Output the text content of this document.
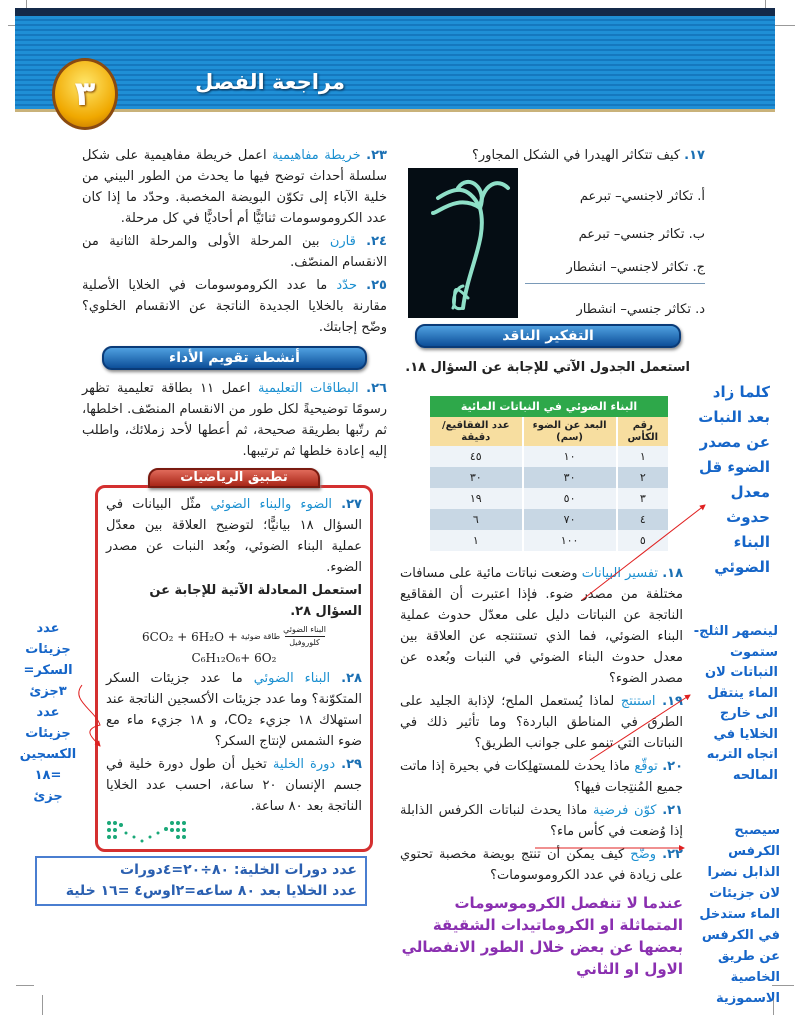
مراجعة الفصل
٣
١٧. كيف تتكاثر الهيدرا في الشكل المجاور؟
أ. تكاثر لاجنسي– تبرعم
ب. تكاثر جنسي– تبرعم
ج. تكاثر لاجنسي– انشطار
د. تكاثر جنسي– انشطار
التفكير الناقد
استعمل الجدول الآتي للإجابة عن السؤال ١٨.
البناء الضوئي في النباتات المائية		
رقم الكأس	البعد عن الضوء (سم)	عدد الفقاقيع/ دقيقة
١	١٠	٤٥
٢	٣٠	٣٠
٣	٥٠	١٩
٤	٧٠	٦
٥	١٠٠	١
١٨. تفسير البيانات وضعت نباتات مائية على مسافات مختلفة من مصدر ضوء. فإذا اعتبرت أن الفقاقيع الناتجة عن النباتات دليل على معدّل حدوث عملية البناء الضوئي، فما الذي تستنتجه عن العلاقة بين معدل حدوث البناء الضوئي في النبات وبُعده عن مصدر الضوء؟
١٩. استنتج لماذا يُستعمل الملح؛ لإذابة الجليد على الطرق في المناطق الباردة؟ وما تأثير ذلك في النباتات التي تنمو على جوانب الطريق؟
٢٠. توقّع ماذا يحدث للمستهلِكات في بحيرة إذا ماتت جميع المُنتِجات فيها؟
٢١. كوّن فرضية ماذا يحدث لنباتات الكرفس الذابلة إذا وُضعت في كأس ماء؟
٢٢. وضّح كيف يمكن أن تنتج بويضة مخصبة تحتوي على زيادة في عدد الكروموسومات؟
عندما لا تنفصل الكروموسومات المتماثلة او الكروماتيدات الشقيقة بعضها عن بعض خلال الطور الانفصالي الاول او الثاني
٢٣. خريطة مفاهيمية اعمل خريطة مفاهيمية على شكل سلسلة أحداث توضح فيها ما يحدث من الطور البيني من خلية الآباء إلى تكوّن البويضة المخصبة. وحدّد ما إذا كان عدد الكروموسومات ثنائيًّا أم أحاديًّا في كل مرحلة.
٢٤. قارن بين المرحلة الأولى والمرحلة الثانية من الانقسام المنصّف.
٢٥. حدّد ما عدد الكروموسومات في الخلايا الأصلية مقارنة بالخلايا الجديدة الناتجة عن الانقسام الخلوي؟ وضّح إجابتك.
أنشطة تقويم الأداء
٢٦. البطاقات التعليمية اعمل ١١ بطاقة تعليمية تظهر رسومًا توضيحيةً لكل طور من الانقسام المنصّف. اخلطها، ثم رتّبها بطريقة صحيحة، ثم أعطها لأحد زملائك، واطلب إليه إعادة خلطها ثم ترتيبها.
تطبيق الرياضيات
٢٧. الضوء والبناء الضوئي مثّل البيانات في السؤال ١٨ بيانيًّا؛ لتوضيح العلاقة بين معدّل عملية البناء الضوئي، وبُعد النبات عن مصدر الضوء.
استعمل المعادلة الآتية للإجابة عن السؤال ٢٨.
6CO₂ + 6H₂O + طاقة ضوئية
البناء الضوئي
كلوروفيل
C₆H₁₂O₆+ 6O₂
٢٨. البناء الضوئي ما عدد جزيئات السكر المتكوّنة؟ وما عدد جزيئات الأكسجين الناتجة عند استهلاك ١٨ جزيء CO₂، و ١٨ جزيء ماء مع ضوء الشمس لإنتاج السكر؟
٢٩. دورة الخلية تخيل أن طول دورة خلية في جسم الإنسان ٢٠ ساعة، احسب عدد الخلايا الناتجة بعد ٨٠ ساعة.
عدد دورات الخلية: ٨٠÷٢٠=٤دورات
عدد الخلايا بعد ٨٠ ساعه=٢اوس٤ =١٦ خلية
كلما زاد بعد النبات عن مصدر الضوء قل معدل حدوث البناء الضوئي
لينصهر الثلج-ستموت النباتات لان الماء ينتقل الى خارج الخلايا في اتجاه التربه المالحه
سيصبح الكرفس الذابل نضرا لان جزيئات الماء ستدخل في الكرفس عن طريق الخاصية الاسموزية
عدد جزيئات السكر= ٣جزئ عدد جزيئات الكسجين =١٨ جزئ
